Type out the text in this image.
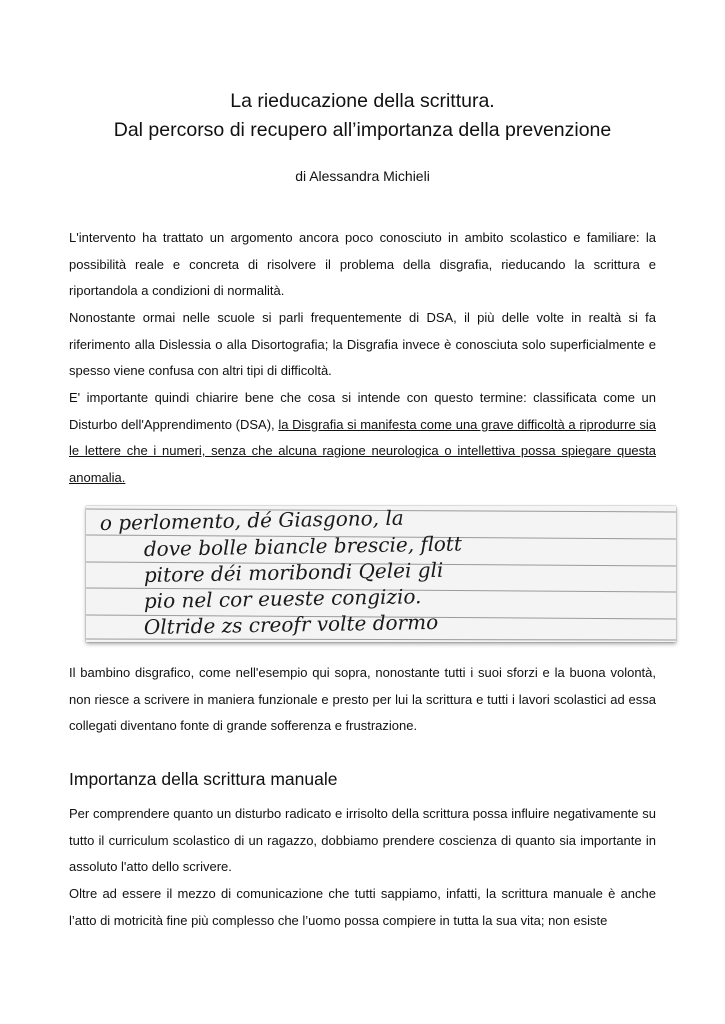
La rieducazione della scrittura.
Dal percorso di recupero all’importanza della prevenzione
di Alessandra Michieli

L'intervento ha trattato un argomento ancora poco conosciuto in ambito scolastico e familiare: la possibilità reale e concreta di risolvere il problema della disgrafia, rieducando la scrittura e riportandola a condizioni di normalità.

Nonostante ormai nelle scuole si parli frequentemente di DSA, il più delle volte in realtà si fa riferimento alla Dislessia o alla Disortografia; la Disgrafia invece è conosciuta solo superficialmente e spesso viene confusa con altri tipi di difficoltà.

E' importante quindi chiarire bene che cosa si intende con questo termine: classificata come un Disturbo dell'Apprendimento (DSA), la Disgrafia si manifesta come una grave difficoltà a riprodurre sia le lettere che i numeri, senza che alcuna ragione neurologica o intellettiva possa spiegare questa anomalia.

o perlomento, dé Giasgono, la
dove bolle biancle brescie, flott
pitore déi moribondi Qelei gli
pio nel cor eueste congizio.
Oltride zs creofr volte dormo

Il bambino disgrafico, come nell'esempio qui sopra, nonostante tutti i suoi sforzi e la buona volontà, non riesce a scrivere in maniera funzionale e presto per lui la scrittura e tutti i lavori scolastici ad essa collegati diventano fonte di grande sofferenza e frustrazione.

Importanza della scrittura manuale

Per comprendere quanto un disturbo radicato e irrisolto della scrittura possa influire negativamente su tutto il curriculum scolastico di un ragazzo, dobbiamo prendere coscienza di quanto sia importante in assoluto l'atto dello scrivere.

Oltre ad essere il mezzo di comunicazione che tutti sappiamo, infatti, la scrittura manuale è anche l’atto di motricità fine più complesso che l’uomo possa compiere in tutta la sua vita; non esiste
